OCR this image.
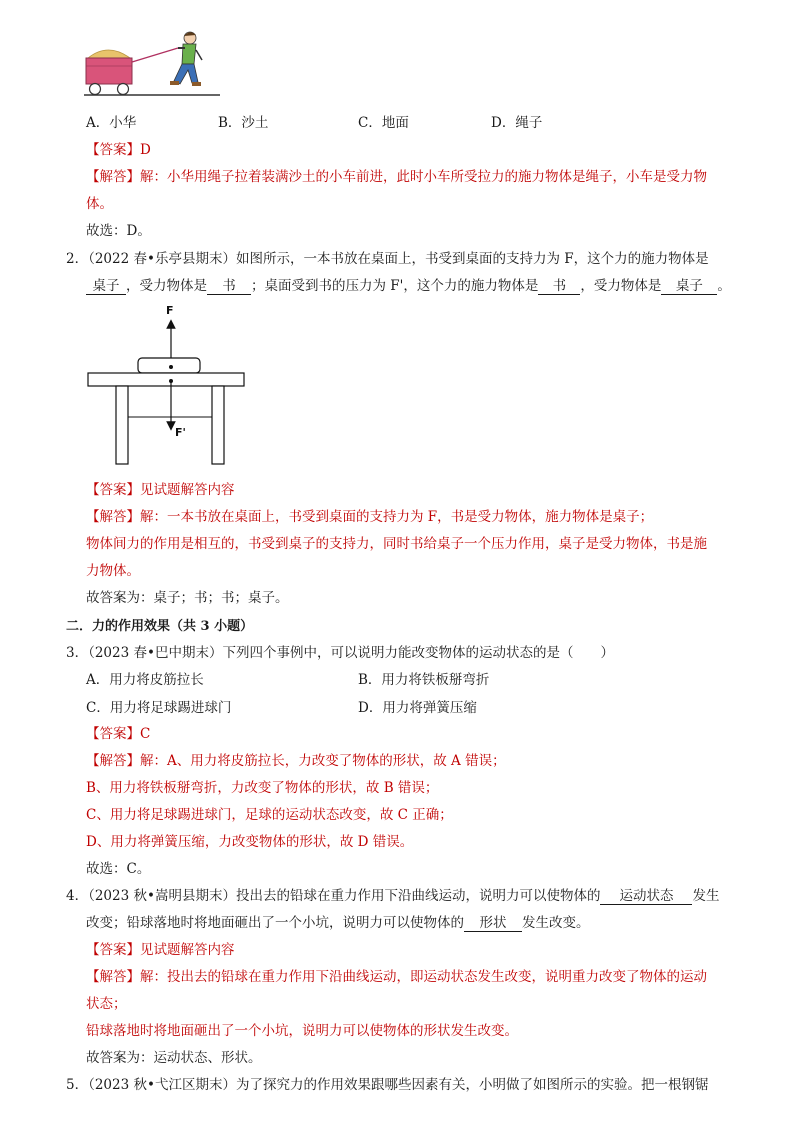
A．小华	B．沙土	C．地面	D．绳子
【答案】D
【解答】解：小华用绳子拉着装满沙土的小车前进，此时小车所受拉力的施力物体是绳子，小车是受力物
体。
故选：D。
2．（2022 春•乐亭县期末）如图所示，一本书放在桌面上，书受到桌面的支持力为 F，这个力的施力物体是
桌子 ，受力物体是 书 ；桌面受到书的压力为 F'，这个力的施力物体是 书 ，受力物体是 桌子 。
F
F'
【答案】见试题解答内容
【解答】解：一本书放在桌面上，书受到桌面的支持力为 F，书是受力物体，施力物体是桌子；
物体间力的作用是相互的，书受到桌子的支持力，同时书给桌子一个压力作用，桌子是受力物体，书是施
力物体。
故答案为：桌子；书；书；桌子。
二．力的作用效果（共 3 小题）
3．（2023 春•巴中期末）下列四个事例中，可以说明力能改变物体的运动状态的是（　　）
A．用力将皮筋拉长	B．用力将铁板掰弯折
C．用力将足球踢进球门	D．用力将弹簧压缩
【答案】C
【解答】解：A、用力将皮筋拉长，力改变了物体的形状，故 A 错误；
B、用力将铁板掰弯折，力改变了物体的形状，故 B 错误；
C、用力将足球踢进球门，足球的运动状态改变，故 C 正确；
D、用力将弹簧压缩，力改变物体的形状，故 D 错误。
故选：C。
4．（2023 秋•嵩明县期末）投出去的铅球在重力作用下沿曲线运动，说明力可以使物体的 运动状态 发生
改变；铅球落地时将地面砸出了一个小坑，说明力可以使物体的 形状 发生改变。
【答案】见试题解答内容
【解答】解：投出去的铅球在重力作用下沿曲线运动，即运动状态发生改变，说明重力改变了物体的运动
状态；
铅球落地时将地面砸出了一个小坑，说明力可以使物体的形状发生改变。
故答案为：运动状态、形状。
5．（2023 秋•弋江区期末）为了探究力的作用效果跟哪些因素有关，小明做了如图所示的实验。把一根钢锯
